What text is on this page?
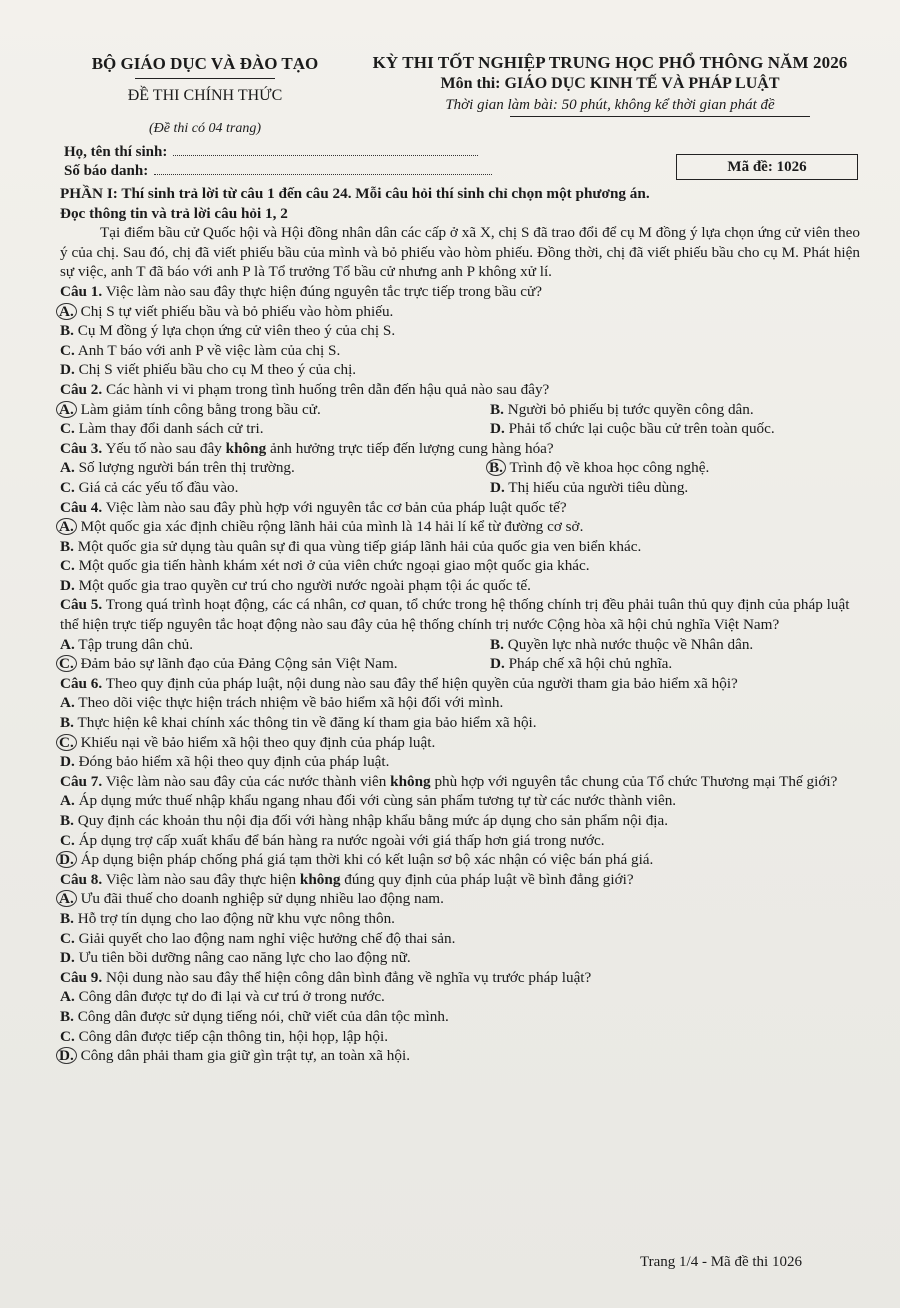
BỘ GIÁO DỤC VÀ ĐÀO TẠO
ĐỀ THI CHÍNH THỨC
(Đề thi có 04 trang)
KỲ THI TỐT NGHIỆP TRUNG HỌC PHỔ THÔNG NĂM 2026
Môn thi: GIÁO DỤC KINH TẾ VÀ PHÁP LUẬT
Thời gian làm bài: 50 phút, không kể thời gian phát đề
Họ, tên thí sinh:
Số báo danh:	Mã đề: 1026

PHẦN I: Thí sinh trả lời từ câu 1 đến câu 24. Mỗi câu hỏi thí sinh chỉ chọn một phương án.

Đọc thông tin và trả lời câu hỏi 1, 2

Tại điểm bầu cử Quốc hội và Hội đồng nhân dân các cấp ở xã X, chị S đã trao đổi để cụ M đồng ý lựa chọn ứng cử viên theo ý của chị. Sau đó, chị đã viết phiếu bầu của mình và bỏ phiếu vào hòm phiếu. Đồng thời, chị đã viết phiếu bầu cho cụ M. Phát hiện sự việc, anh T đã báo với anh P là Tổ trưởng Tổ bầu cử nhưng anh P không xử lí.

Câu 1. Việc làm nào sau đây thực hiện đúng nguyên tắc trực tiếp trong bầu cử?

A. Chị S tự viết phiếu bầu và bỏ phiếu vào hòm phiếu.

B. Cụ M đồng ý lựa chọn ứng cử viên theo ý của chị S.

C. Anh T báo với anh P về việc làm của chị S.

D. Chị S viết phiếu bầu cho cụ M theo ý của chị.

Câu 2. Các hành vi vi phạm trong tình huống trên dẫn đến hậu quả nào sau đây?

A. Làm giảm tính công bằng trong bầu cử.	B. Người bỏ phiếu bị tước quyền công dân.

C. Làm thay đổi danh sách cử tri.	D. Phải tổ chức lại cuộc bầu cử trên toàn quốc.

Câu 3. Yếu tố nào sau đây không ảnh hưởng trực tiếp đến lượng cung hàng hóa?

A. Số lượng người bán trên thị trường.	B. Trình độ về khoa học công nghệ.

C. Giá cả các yếu tố đầu vào.	D. Thị hiếu của người tiêu dùng.

Câu 4. Việc làm nào sau đây phù hợp với nguyên tắc cơ bản của pháp luật quốc tế?

A. Một quốc gia xác định chiều rộng lãnh hải của mình là 14 hải lí kể từ đường cơ sở.

B. Một quốc gia sử dụng tàu quân sự đi qua vùng tiếp giáp lãnh hải của quốc gia ven biển khác.

C. Một quốc gia tiến hành khám xét nơi ở của viên chức ngoại giao một quốc gia khác.

D. Một quốc gia trao quyền cư trú cho người nước ngoài phạm tội ác quốc tế.

Câu 5. Trong quá trình hoạt động, các cá nhân, cơ quan, tổ chức trong hệ thống chính trị đều phải tuân thủ quy định của pháp luật thể hiện trực tiếp nguyên tắc hoạt động nào sau đây của hệ thống chính trị nước Cộng hòa xã hội chủ nghĩa Việt Nam?

A. Tập trung dân chủ.	B. Quyền lực nhà nước thuộc về Nhân dân.

C. Đảm bảo sự lãnh đạo của Đảng Cộng sản Việt Nam.	D. Pháp chế xã hội chủ nghĩa.

Câu 6. Theo quy định của pháp luật, nội dung nào sau đây thể hiện quyền của người tham gia bảo hiểm xã hội?

A. Theo dõi việc thực hiện trách nhiệm về bảo hiểm xã hội đối với mình.

B. Thực hiện kê khai chính xác thông tin về đăng kí tham gia bảo hiểm xã hội.

C. Khiếu nại về bảo hiểm xã hội theo quy định của pháp luật.

D. Đóng bảo hiểm xã hội theo quy định của pháp luật.

Câu 7. Việc làm nào sau đây của các nước thành viên không phù hợp với nguyên tắc chung của Tổ chức Thương mại Thế giới?

A. Áp dụng mức thuế nhập khẩu ngang nhau đối với cùng sản phẩm tương tự từ các nước thành viên.

B. Quy định các khoản thu nội địa đối với hàng nhập khẩu bằng mức áp dụng cho sản phẩm nội địa.

C. Áp dụng trợ cấp xuất khẩu để bán hàng ra nước ngoài với giá thấp hơn giá trong nước.

D. Áp dụng biện pháp chống phá giá tạm thời khi có kết luận sơ bộ xác nhận có việc bán phá giá.

Câu 8. Việc làm nào sau đây thực hiện không đúng quy định của pháp luật về bình đẳng giới?

A. Ưu đãi thuế cho doanh nghiệp sử dụng nhiều lao động nam.

B. Hỗ trợ tín dụng cho lao động nữ khu vực nông thôn.

C. Giải quyết cho lao động nam nghỉ việc hưởng chế độ thai sản.

D. Ưu tiên bồi dưỡng nâng cao năng lực cho lao động nữ.

Câu 9. Nội dung nào sau đây thể hiện công dân bình đẳng về nghĩa vụ trước pháp luật?

A. Công dân được tự do đi lại và cư trú ở trong nước.

B. Công dân được sử dụng tiếng nói, chữ viết của dân tộc mình.

C. Công dân được tiếp cận thông tin, hội họp, lập hội.

D. Công dân phải tham gia giữ gìn trật tự, an toàn xã hội.

Trang 1/4 - Mã đề thi 1026
